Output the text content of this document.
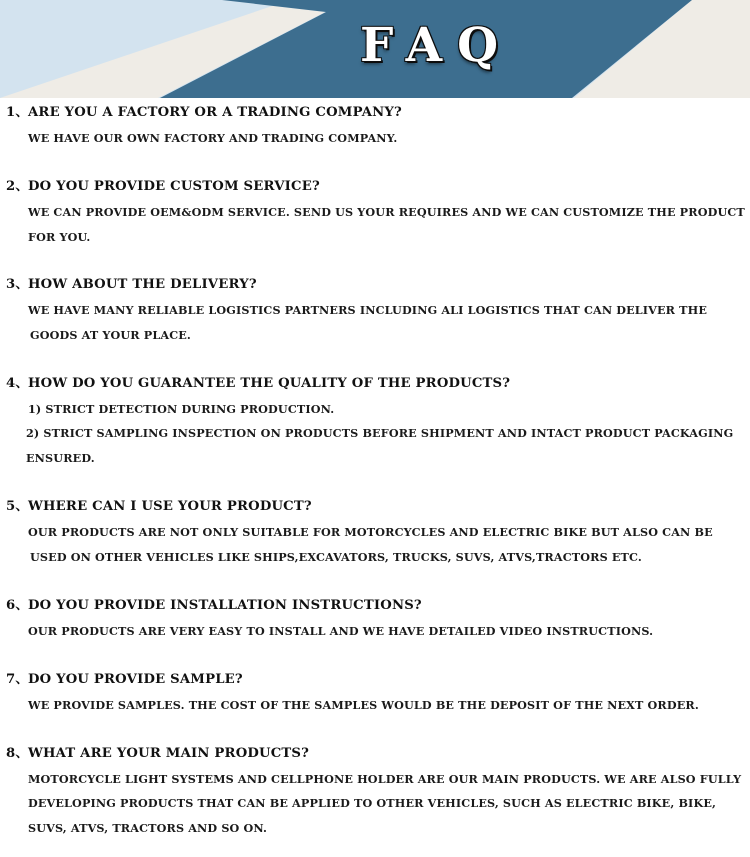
FAQ
1、ARE YOU A FACTORY OR A TRADING COMPANY?
WE HAVE OUR OWN FACTORY AND TRADING COMPANY.
2、DO YOU PROVIDE CUSTOM SERVICE?
WE CAN PROVIDE OEM&ODM SERVICE. SEND US YOUR REQUIRES AND WE CAN CUSTOMIZE THE PRODUCT
FOR YOU.
3、HOW ABOUT THE DELIVERY?
WE HAVE MANY RELIABLE LOGISTICS PARTNERS INCLUDING ALI LOGISTICS THAT CAN DELIVER THE
GOODS AT YOUR PLACE.
4、HOW DO YOU GUARANTEE THE QUALITY OF THE PRODUCTS?
1) STRICT DETECTION DURING PRODUCTION.
2) STRICT SAMPLING INSPECTION ON PRODUCTS BEFORE SHIPMENT AND INTACT PRODUCT PACKAGING
ENSURED.
5、WHERE CAN I USE YOUR PRODUCT?
OUR PRODUCTS ARE NOT ONLY SUITABLE FOR MOTORCYCLES AND ELECTRIC BIKE BUT ALSO CAN BE
USED ON OTHER VEHICLES LIKE SHIPS,EXCAVATORS, TRUCKS, SUVS, ATVS,TRACTORS ETC.
6、DO YOU PROVIDE INSTALLATION INSTRUCTIONS?
OUR PRODUCTS ARE VERY EASY TO INSTALL AND WE HAVE DETAILED VIDEO INSTRUCTIONS.
7、DO YOU PROVIDE SAMPLE?
WE PROVIDE SAMPLES. THE COST OF THE SAMPLES WOULD BE THE DEPOSIT OF THE NEXT ORDER.
8、WHAT ARE YOUR MAIN PRODUCTS?
MOTORCYCLE LIGHT SYSTEMS AND CELLPHONE HOLDER ARE OUR MAIN PRODUCTS. WE ARE ALSO FULLY
DEVELOPING PRODUCTS THAT CAN BE APPLIED TO OTHER VEHICLES, SUCH AS ELECTRIC BIKE, BIKE,
SUVS, ATVS, TRACTORS AND SO ON.
